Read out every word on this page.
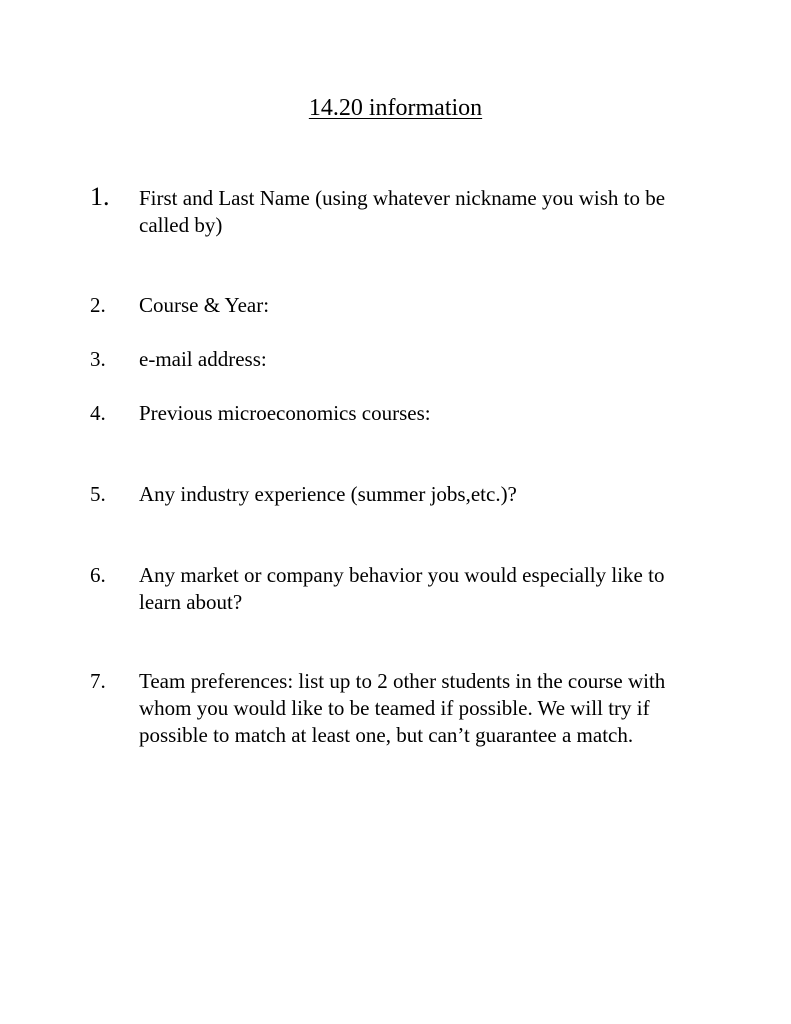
14.20 information
1. First and Last Name (using whatever nickname you wish to be called by)
2. Course & Year:
3. e-mail address:
4. Previous microeconomics courses:
5. Any industry experience (summer jobs,etc.)?
6. Any market or company behavior you would especially like to learn about?
7. Team preferences: list up to 2 other students in the course with whom you would like to be teamed if possible. We will try if possible to match at least one, but can’t guarantee a match.
